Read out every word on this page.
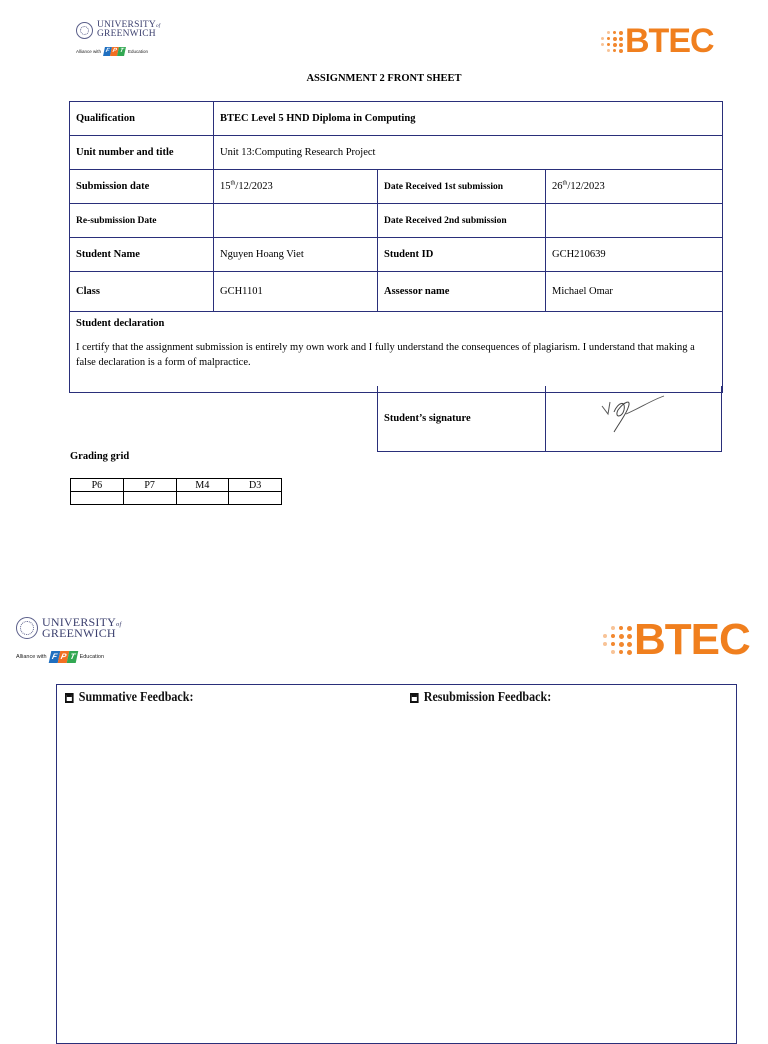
UNIVERSITYof
GREENWICH
Alliance with F P T Education	BTEC
ASSIGNMENT 2 FRONT SHEET
Qualification	BTEC Level 5 HND Diploma in Computing		
Unit number and title	Unit 13:Computing Research Project		
Submission date	15th/12/2023	Date Received 1st submission	26th/12/2023
Re-submission Date		Date Received 2nd submission	
Student Name	Nguyen Hoang Viet	Student ID	GCH210639
Class	GCH1101	Assessor name	Michael Omar

Student declaration
I certify that the assignment submission is entirely my own work and I fully understand the consequences of plagiarism. I understand that making a false declaration is a form of malpractice.			
Student’s signature
Grading grid
P6	P7	M4	D3

UNIVERSITYof
GREENWICH
Alliance with F P T Education	BTEC
Summative Feedback:	Resubmission Feedback:
